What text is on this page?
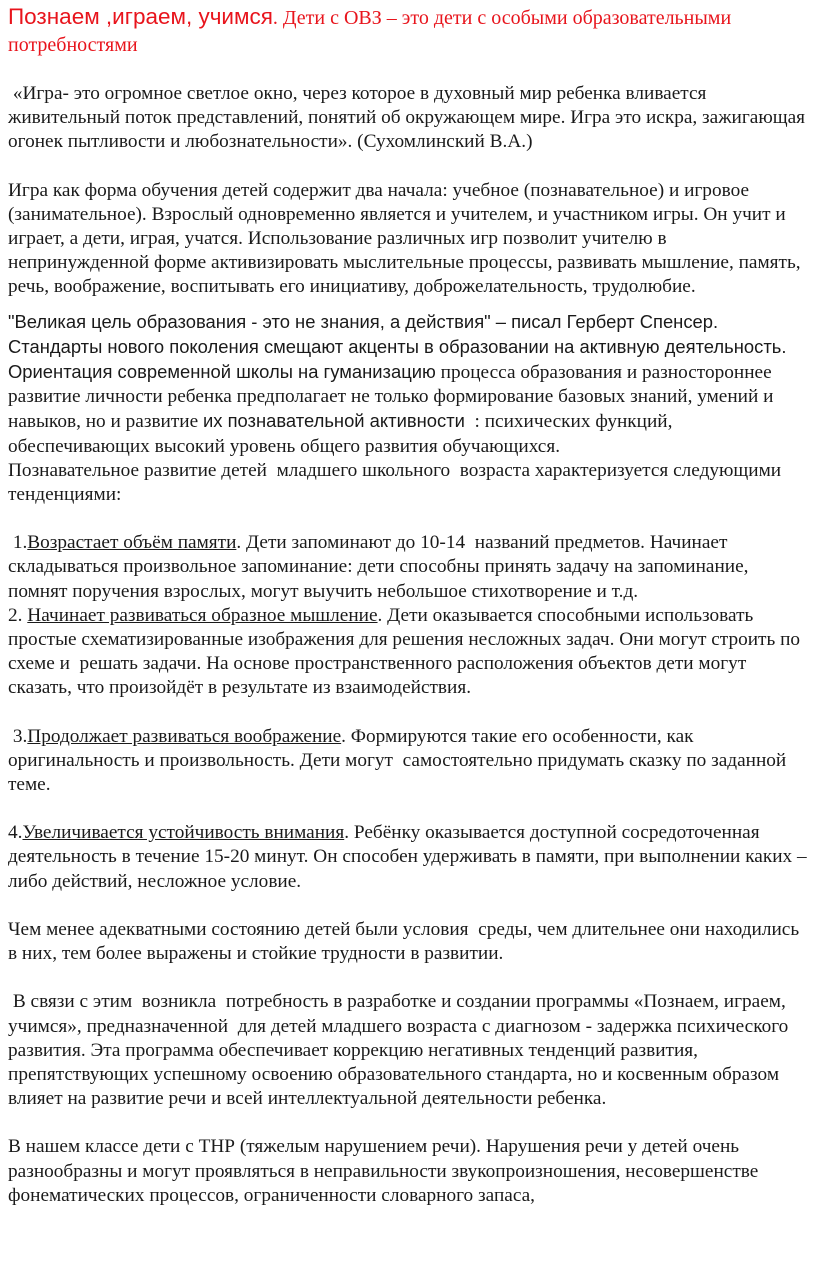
Познаем ,играем, учимся. Дети с ОВЗ – это дети с особыми образовательными потребностями

«Игра- это огромное светлое окно, через которое в духовный мир ребенка вливается живительный поток представлений, понятий об окружающем мире. Игра это искра, зажигающая огонек пытливости и любознательности». (Сухомлинский В.А.)

Игра как форма обучения детей содержит два начала: учебное (познавательное) и игровое (занимательное). Взрослый одновременно является и учителем, и участником игры. Он учит и играет, а дети, играя, учатся. Использование различных игр позволит учителю в непринужденной форме активизировать мыслительные процессы, развивать мышление, память, речь, воображение, воспитывать его инициативу, доброжелательность, трудолюбие.

"Великая цель образования - это не знания, а действия" – писал Герберт Спенсер. Стандарты нового поколения смещают акценты в образовании на активную деятельность. Ориентация современной школы на гуманизацию процесса образования и разностороннее развитие личности ребенка предполагает не только формирование базовых знаний, умений и навыков, но и развитие их познавательной активности  : психических функций, обеспечивающих высокий уровень общего развития обучающихся.

Познавательное развитие детей  младшего школьного  возраста характеризуется следующими тенденциями:

1.Возрастает объём памяти. Дети запоминают до 10-14  названий предметов. Начинает складываться произвольное запоминание: дети способны принять задачу на запоминание, помнят поручения взрослых, могут выучить небольшое стихотворение и т.д.

2. Начинает развиваться образное мышление. Дети оказывается способными использовать простые схематизированные изображения для решения несложных задач. Они могут строить по схеме и  решать задачи. На основе пространственного расположения объектов дети могут сказать, что произойдёт в результате из взаимодействия.

3.Продолжает развиваться воображение. Формируются такие его особенности, как оригинальность и произвольность. Дети могут  самостоятельно придумать сказку по заданной теме.

4.Увеличивается устойчивость внимания. Ребёнку оказывается доступной сосредоточенная деятельность в течение 15-20 минут. Он способен удерживать в памяти, при выполнении каких – либо действий, несложное условие.

Чем менее адекватными состоянию детей были условия  среды, чем длительнее они находились в них, тем более выражены и стойкие трудности в развитии.

В связи с этим  возникла  потребность в разработке и создании программы «Познаем, играем, учимся», предназначенной  для детей младшего возраста с диагнозом - задержка психического развития. Эта программа обеспечивает коррекцию негативных тенденций развития, препятствующих успешному освоению образовательного стандарта, но и косвенным образом влияет на развитие речи и всей интеллектуальной деятельности ребенка.

В нашем классе дети с ТНР (тяжелым нарушением речи). Нарушения речи у детей очень разнообразны и могут проявляться в неправильности звукопроизношения, несовершенстве фонематических процессов, ограниченности словарного запаса,
